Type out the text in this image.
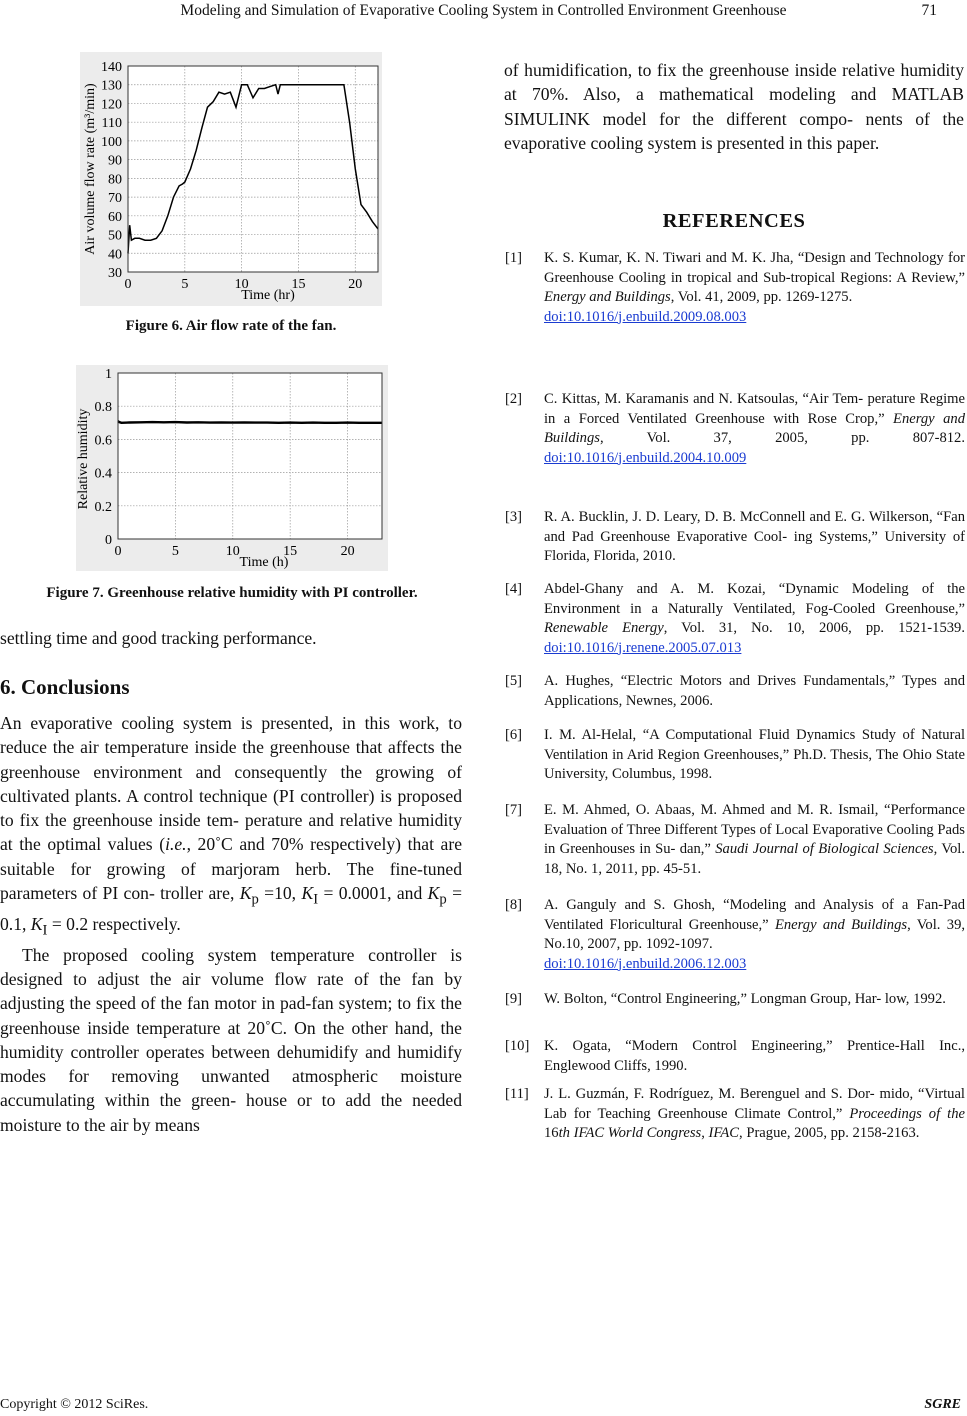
Modeling and Simulation of Evaporative Cooling System in Controlled Environment Greenhouse	71
0	5	10	15	20
30
40
50
60
70
80
90
100
110
120
130
140
Time (hr)
Air volume flow rate (m³/min)
Figure 6. Air flow rate of the fan.
0	5	10	15	20
0
0.2
0.4
0.6
0.8
1
Time (h)
Relative humidity
Figure 7. Greenhouse relative humidity with PI controller.
settling time and good tracking performance.
6. Conclusions

An evaporative cooling system is presented, in this work, to reduce the air temperature inside the greenhouse that affects the greenhouse environment and consequently the growing of cultivated plants. A control technique (PI controller) is proposed to fix the greenhouse inside tem- perature and relative humidity at the optimal values (i.e., 20˚C and 70% respectively) that are suitable for growing of marjoram herb. The fine-tuned parameters of PI con- troller are, $K_p =10$, $K_I = 0.0001$, and $K_p = 0.1$, $K_I = 0.2$ respectively.

The proposed cooling system temperature controller is designed to adjust the air volume flow rate of the fan by adjusting the speed of the fan motor in pad-fan system; to fix the greenhouse inside temperature at 20˚C. On the other hand, the humidity controller operates between dehumidify and humidify modes for removing unwanted atmospheric moisture accumulating within the green- house or to add the needed moisture to the air by means

of humidification, to fix the greenhouse inside relative humidity at 70%. Also, a mathematical modeling and MATLAB SIMULINK model for the different compo- nents of the evaporative cooling system is presented in this paper.
REFERENCES
[1] K. S. Kumar, K. N. Tiwari and M. K. Jha, “Design and Technology for Greenhouse Cooling in tropical and Sub-tropical Regions: A Review,” Energy and Buildings, Vol. 41, 2009, pp. 1269-1275.
doi:10.1016/j.enbuild.2009.08.003
[2] C. Kittas, M. Karamanis and N. Katsoulas, “Air Tem- perature Regime in a Forced Ventilated Greenhouse with Rose Crop,” Energy and Buildings, Vol. 37, 2005, pp. 807-812. doi:10.1016/j.enbuild.2004.10.009
[3] R. A. Bucklin, J. D. Leary, D. B. McConnell and E. G. Wilkerson, “Fan and Pad Greenhouse Evaporative Cool- ing Systems,” University of Florida, Florida, 2010.
[4] Abdel-Ghany and A. M. Kozai, “Dynamic Modeling of the Environment in a Naturally Ventilated, Fog-Cooled Greenhouse,” Renewable Energy, Vol. 31, No. 10, 2006, pp. 1521-1539. doi:10.1016/j.renene.2005.07.013
[5] A. Hughes, “Electric Motors and Drives Fundamentals,” Types and Applications, Newnes, 2006.
[6] I. M. Al-Helal, “A Computational Fluid Dynamics Study of Natural Ventilation in Arid Region Greenhouses,” Ph.D. Thesis, The Ohio State University, Columbus, 1998.
[7] E. M. Ahmed, O. Abaas, M. Ahmed and M. R. Ismail, “Performance Evaluation of Three Different Types of Local Evaporative Cooling Pads in Greenhouses in Su- dan,” Saudi Journal of Biological Sciences, Vol. 18, No. 1, 2011, pp. 45-51.
[8] A. Ganguly and S. Ghosh, “Modeling and Analysis of a Fan-Pad Ventilated Floricultural Greenhouse,” Energy and Buildings, Vol. 39, No.10, 2007, pp. 1092-1097.
doi:10.1016/j.enbuild.2006.12.003
[9] W. Bolton, “Control Engineering,” Longman Group, Har- low, 1992.
[10] K. Ogata, “Modern Control Engineering,” Prentice-Hall Inc., Englewood Cliffs, 1990.
[11] J. L. Guzmán, F. Rodríguez, M. Berenguel and S. Dor- mido, “Virtual Lab for Teaching Greenhouse Climate Control,” Proceedings of the 16th IFAC World Congress, IFAC, Prague, 2005, pp. 2158-2163.
Copyright © 2012 SciRes.	SGRE
